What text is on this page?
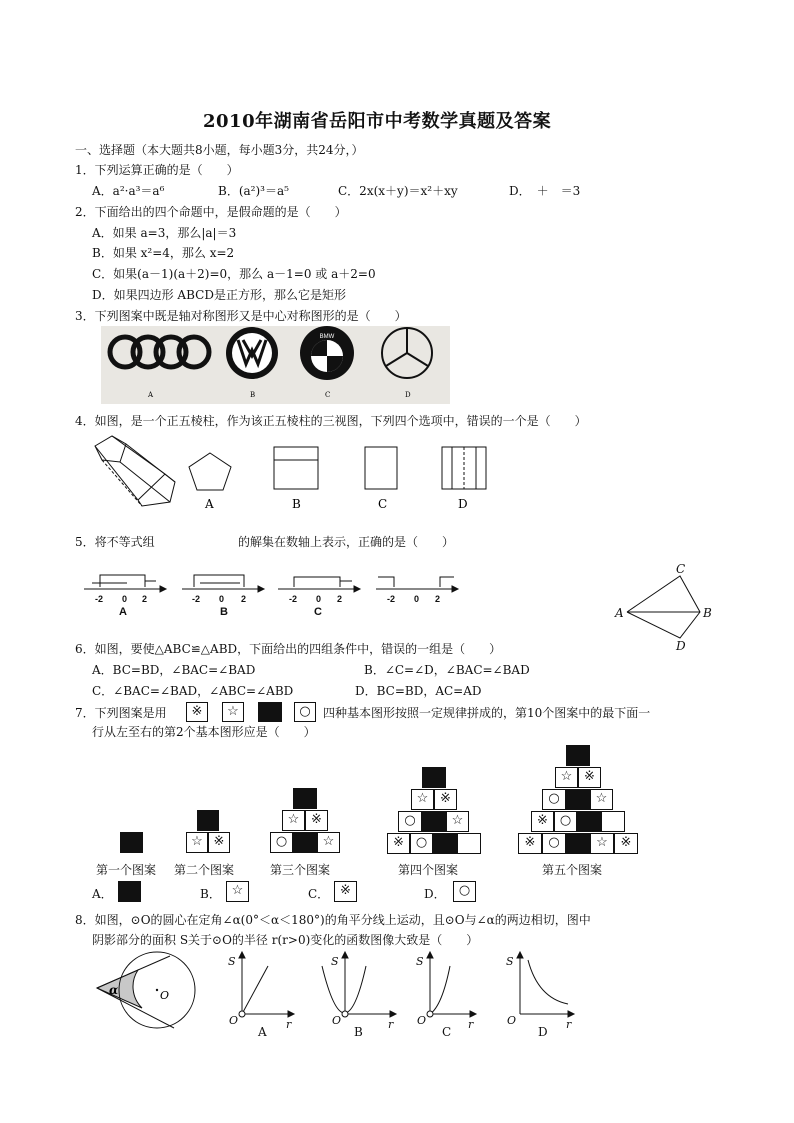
2010年湖南省岳阳市中考数学真题及答案
一、选择题（本大题共8小题，每小题3分，共24分，）
1．下列运算正确的是（　　）
A．a²·a³＝a⁶	B．(a²)³＝a⁵	C．2x(x＋y)＝x²＋xy	D．　＋　＝3
2．下面给出的四个命题中，是假命题的是（　　）
A．如果 a=3，那么|a|＝3
B．如果 x²=4，那么 x=2
C．如果(a－1)(a＋2)=0，那么 a－1=0 或 a＋2=0
D．如果四边形 ABCD是正方形，那么它是矩形
3．下列图案中既是轴对称图形又是中心对称图形的是（　　）
BMW
A	B	C	D
4．如图，是一个正五棱柱，作为该正五棱柱的三视图，下列四个选项中，错误的一个是（　　）
A	B	C	D
5．将不等式组	的解集在数轴上表示，正确的是（　　）
-2 0 2	-2 0 2	-2 0 2	-2 0 2
A	B	C
C
A	B
D
6．如图，要使△ABC≌△ABD，下面给出的四组条件中，错误的一组是（　　）
A．BC=BD，∠BAC=∠BAD	B．∠C=∠D，∠BAC=∠BAD
C．∠BAC=∠BAD，∠ABC=∠ABD	D．BC=BD，AC=AD
7．下列图案是用	※	☆	○	四种基本图形按照一定规律拼成的，第10个图案中的最下面一
行从左至右的第2个基本图形应是（　　）
☆ ※
☆ ※
○	☆
☆ ※
○	☆
※ ○
☆ ※
○	☆
※ ○
※ ○	☆ ※
第一个图案 第二个图案	第三个图案	第四个图案	第五个图案
A．	B． ☆	C． ※	D．	○
8．如图，⊙O的圆心在定角∠α(0°＜α＜180°)的角平分线上运动，且⊙O与∠α的两边相切，图中
阴影部分的面积 S关于⊙O的半径 r(r>0)变化的函数图像大致是（　　）
α	O
S
r
O
S
r
O
S
r
O
S
r
O
A	B	C	D
